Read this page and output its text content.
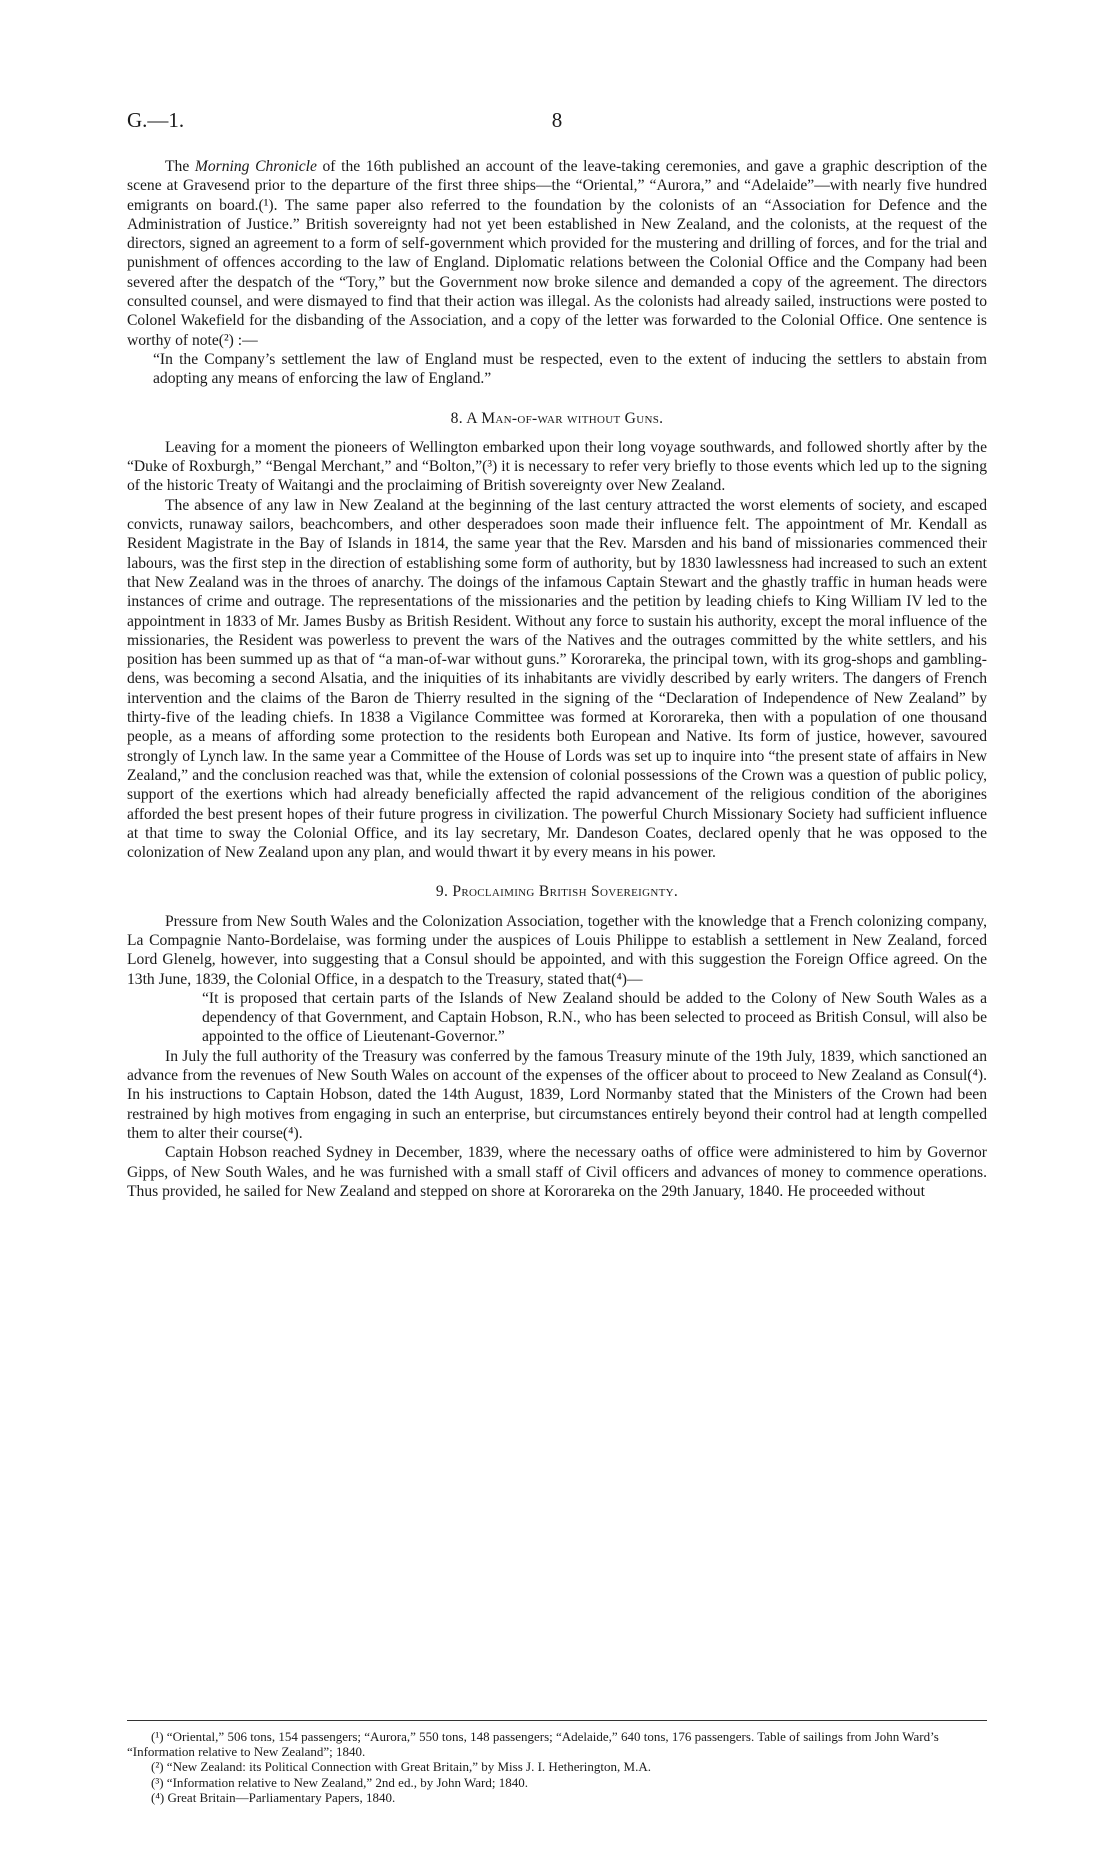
G.—1.	8

The Morning Chronicle of the 16th published an account of the leave-taking ceremonies, and gave a graphic description of the scene at Gravesend prior to the departure of the first three ships—the “Oriental,” “Aurora,” and “Adelaide”—with nearly five hundred emigrants on board.(¹). The same paper also referred to the foundation by the colonists of an “Association for Defence and the Administration of Justice.” British sovereignty had not yet been established in New Zealand, and the colonists, at the request of the directors, signed an agreement to a form of self-government which provided for the mustering and drilling of forces, and for the trial and punishment of offences according to the law of England. Diplomatic relations between the Colonial Office and the Company had been severed after the despatch of the “Tory,” but the Government now broke silence and demanded a copy of the agreement. The directors consulted counsel, and were dismayed to find that their action was illegal. As the colonists had already sailed, instructions were posted to Colonel Wakefield for the disbanding of the Association, and a copy of the letter was forwarded to the Colonial Office. One sentence is worthy of note(²) :—

“In the Company’s settlement the law of England must be respected, even to the extent of inducing the settlers to abstain from adopting any means of enforcing the law of England.”

8. A Man-of-war without Guns.

Leaving for a moment the pioneers of Wellington embarked upon their long voyage southwards, and followed shortly after by the “Duke of Roxburgh,” “Bengal Merchant,” and “Bolton,”(³) it is necessary to refer very briefly to those events which led up to the signing of the historic Treaty of Waitangi and the proclaiming of British sovereignty over New Zealand.

The absence of any law in New Zealand at the beginning of the last century attracted the worst elements of society, and escaped convicts, runaway sailors, beachcombers, and other desperadoes soon made their influence felt. The appointment of Mr. Kendall as Resident Magistrate in the Bay of Islands in 1814, the same year that the Rev. Marsden and his band of missionaries commenced their labours, was the first step in the direction of establishing some form of authority, but by 1830 lawlessness had increased to such an extent that New Zealand was in the throes of anarchy. The doings of the infamous Captain Stewart and the ghastly traffic in human heads were instances of crime and outrage. The representations of the missionaries and the petition by leading chiefs to King William IV led to the appointment in 1833 of Mr. James Busby as British Resident. Without any force to sustain his authority, except the moral influence of the missionaries, the Resident was powerless to prevent the wars of the Natives and the outrages committed by the white settlers, and his position has been summed up as that of “a man-of-war without guns.” Kororareka, the principal town, with its grog-shops and gambling-dens, was becoming a second Alsatia, and the iniquities of its inhabitants are vividly described by early writers. The dangers of French intervention and the claims of the Baron de Thierry resulted in the signing of the “Declaration of Independence of New Zealand” by thirty-five of the leading chiefs. In 1838 a Vigilance Committee was formed at Kororareka, then with a population of one thousand people, as a means of affording some protection to the residents both European and Native. Its form of justice, however, savoured strongly of Lynch law. In the same year a Committee of the House of Lords was set up to inquire into “the present state of affairs in New Zealand,” and the conclusion reached was that, while the extension of colonial possessions of the Crown was a question of public policy, support of the exertions which had already beneficially affected the rapid advancement of the religious condition of the aborigines afforded the best present hopes of their future progress in civilization. The powerful Church Missionary Society had sufficient influence at that time to sway the Colonial Office, and its lay secretary, Mr. Dandeson Coates, declared openly that he was opposed to the colonization of New Zealand upon any plan, and would thwart it by every means in his power.

9. Proclaiming British Sovereignty.

Pressure from New South Wales and the Colonization Association, together with the knowledge that a French colonizing company, La Compagnie Nanto-Bordelaise, was forming under the auspices of Louis Philippe to establish a settlement in New Zealand, forced Lord Glenelg, however, into suggesting that a Consul should be appointed, and with this suggestion the Foreign Office agreed. On the 13th June, 1839, the Colonial Office, in a despatch to the Treasury, stated that(⁴)—

“It is proposed that certain parts of the Islands of New Zealand should be added to the Colony of New South Wales as a dependency of that Government, and Captain Hobson, R.N., who has been selected to proceed as British Consul, will also be appointed to the office of Lieutenant-Governor.”

In July the full authority of the Treasury was conferred by the famous Treasury minute of the 19th July, 1839, which sanctioned an advance from the revenues of New South Wales on account of the expenses of the officer about to proceed to New Zealand as Consul(⁴). In his instructions to Captain Hobson, dated the 14th August, 1839, Lord Normanby stated that the Ministers of the Crown had been restrained by high motives from engaging in such an enterprise, but circumstances entirely beyond their control had at length compelled them to alter their course(⁴).

Captain Hobson reached Sydney in December, 1839, where the necessary oaths of office were administered to him by Governor Gipps, of New South Wales, and he was furnished with a small staff of Civil officers and advances of money to commence operations. Thus provided, he sailed for New Zealand and stepped on shore at Kororareka on the 29th January, 1840. He proceeded without

(¹) “Oriental,” 506 tons, 154 passengers; “Aurora,” 550 tons, 148 passengers; “Adelaide,” 640 tons, 176 passengers. Table of sailings from John Ward’s “Information relative to New Zealand”; 1840.
(²) “New Zealand: its Political Connection with Great Britain,” by Miss J. I. Hetherington, M.A.
(³) “Information relative to New Zealand,” 2nd ed., by John Ward; 1840.
(⁴) Great Britain—Parliamentary Papers, 1840.
